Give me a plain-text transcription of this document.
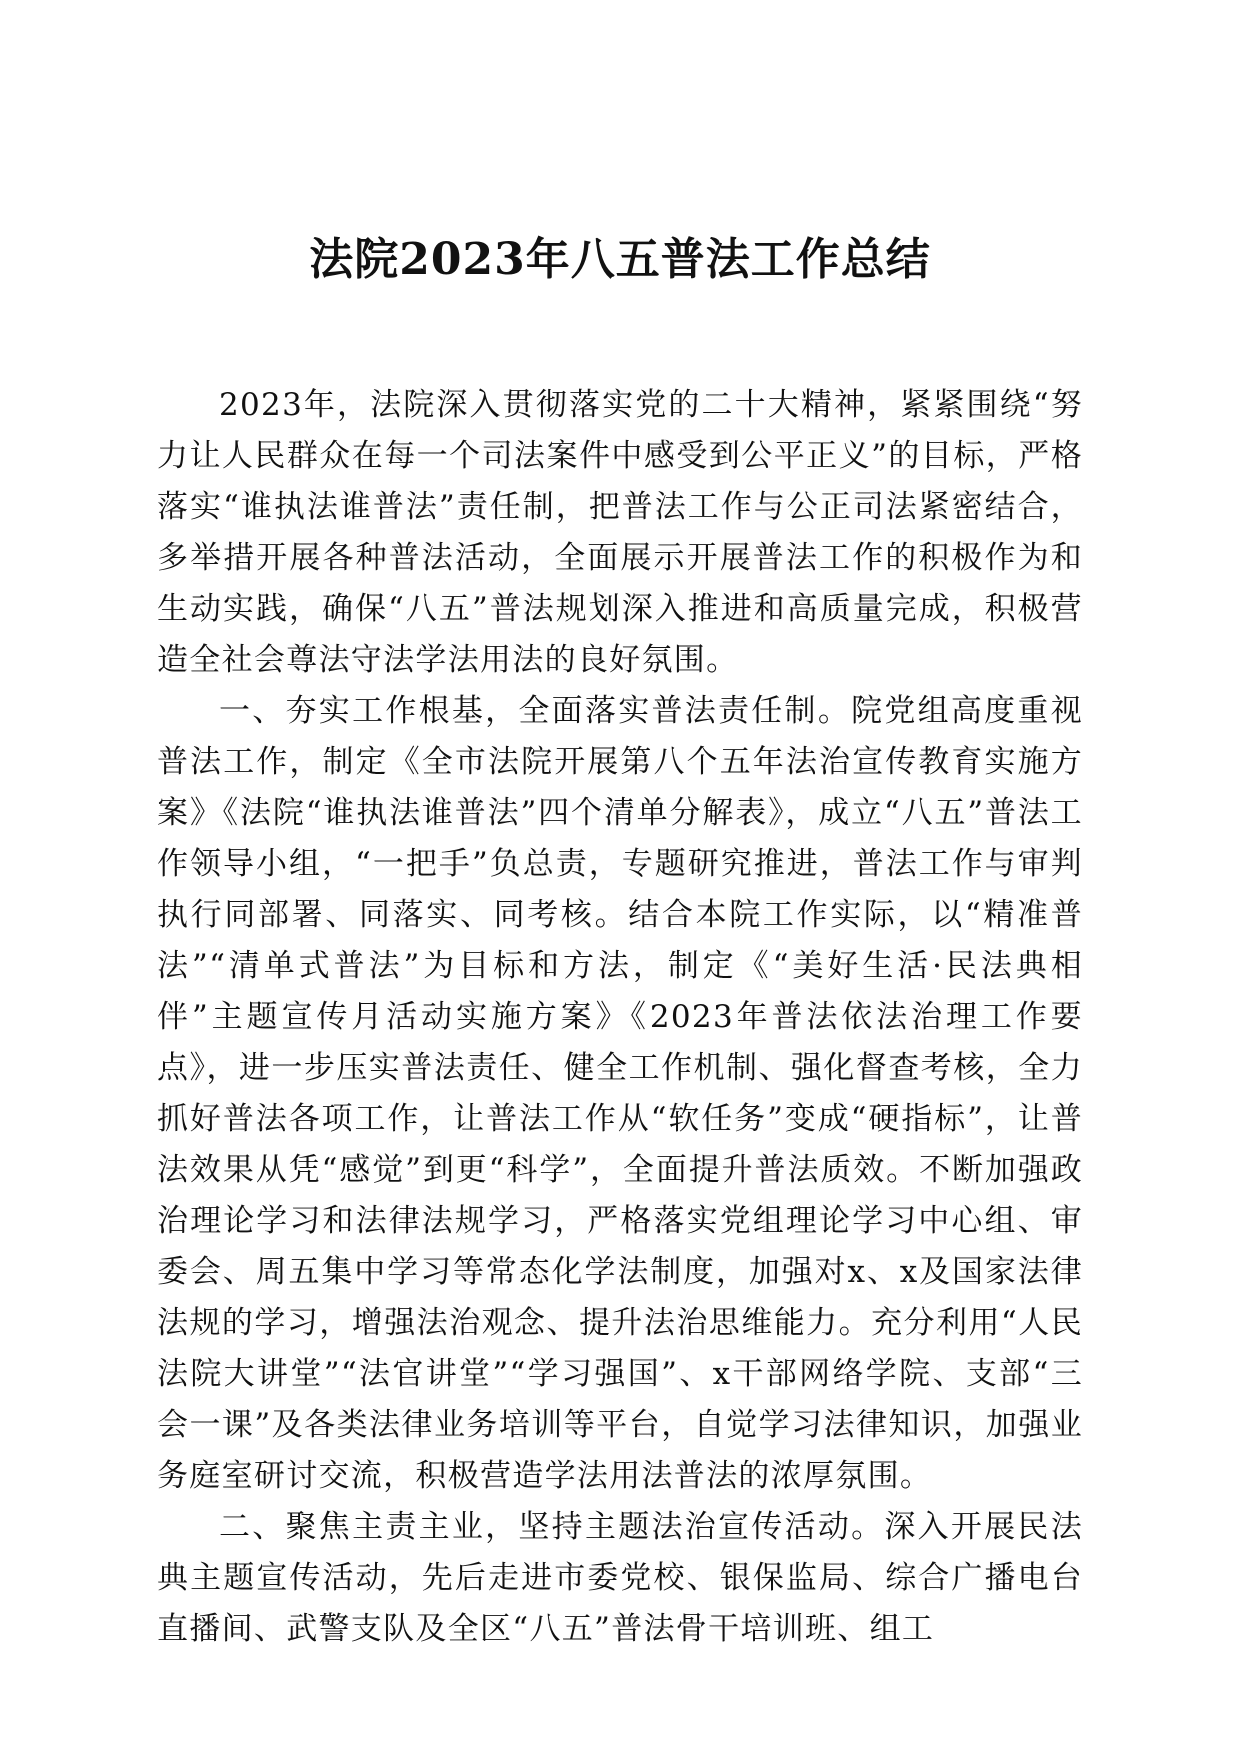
法院2023年八五普法工作总结

2023年，法院深入贯彻落实党的二十大精神，紧紧围绕“努力让人民群众在每一个司法案件中感受到公平正义”的目标，严格落实“谁执法谁普法”责任制，把普法工作与公正司法紧密结合，多举措开展各种普法活动，全面展示开展普法工作的积极作为和生动实践，确保“八五”普法规划深入推进和高质量完成，积极营造全社会尊法守法学法用法的良好氛围。

一、夯实工作根基，全面落实普法责任制。院党组高度重视普法工作，制定《全市法院开展第八个五年法治宣传教育实施方案》《法院“谁执法谁普法”四个清单分解表》，成立“八五”普法工作领导小组，“一把手”负总责，专题研究推进，普法工作与审判执行同部署、同落实、同考核。结合本院工作实际，以“精准普法”“清单式普法”为目标和方法，制定《“美好生活·民法典相伴”主题宣传月活动实施方案》《2023年普法依法治理工作要点》，进一步压实普法责任、健全工作机制、强化督查考核，全力抓好普法各项工作，让普法工作从“软任务”变成“硬指标”，让普法效果从凭“感觉”到更“科学”，全面提升普法质效。不断加强政治理论学习和法律法规学习，严格落实党组理论学习中心组、审委会、周五集中学习等常态化学法制度，加强对x、x及国家法律法规的学习，增强法治观念、提升法治思维能力。充分利用“人民法院大讲堂”“法官讲堂”“学习强国”、x干部网络学院、支部“三会一课”及各类法律业务培训等平台，自觉学习法律知识，加强业务庭室研讨交流，积极营造学法用法普法的浓厚氛围。

二、聚焦主责主业，坚持主题法治宣传活动。深入开展民法典主题宣传活动，先后走进市委党校、银保监局、综合广播电台直播间、武警支队及全区“八五”普法骨干培训班、组工
